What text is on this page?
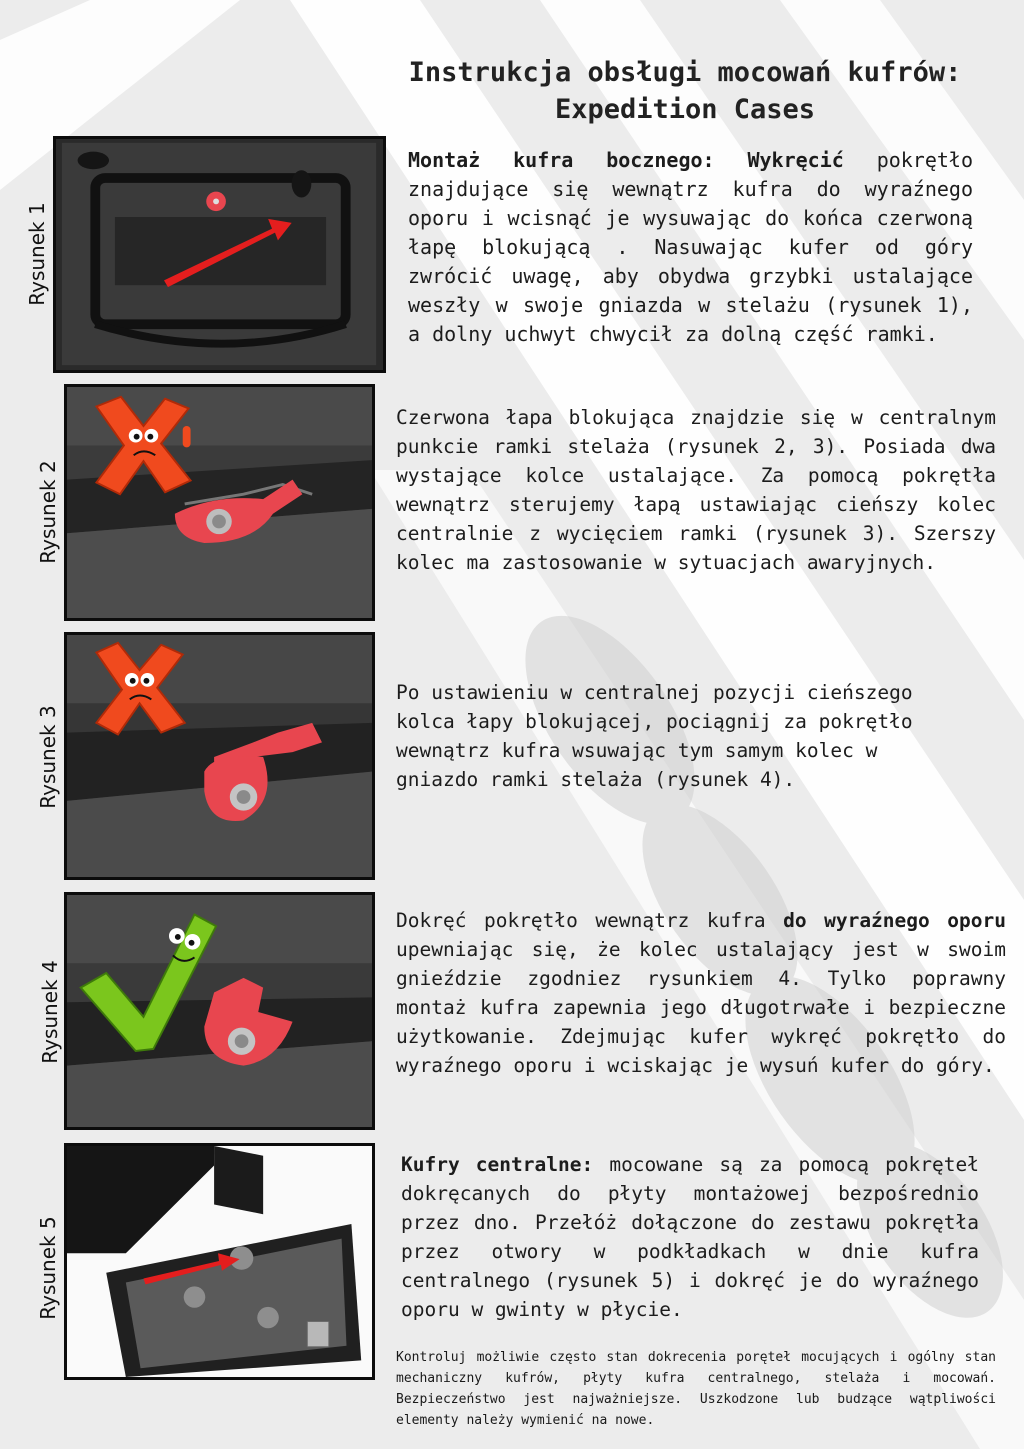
Instrukcja obsługi mocowań kufrów:
Expedition Cases
Rysunek 1
Rysunek 2
Rysunek 3
Rysunek 4
Rysunek 5

Montaż kufra bocznego: Wykręcić pokrętło znajdujące się wewnątrz kufra do wyraźnego oporu i wcisnąć je wysuwając do końca czerwoną łapę blokującą . Nasuwając kufer od góry zwrócić uwagę, aby obydwa grzybki ustalające weszły w swoje gniazda w stelażu (rysunek 1), a dolny uchwyt chwycił za dolną część ramki.

Czerwona łapa blokująca znajdzie się w centralnym punkcie ramki stelaża (rysunek 2, 3). Posiada dwa wystające kolce ustalające. Za pomocą pokrętła wewnątrz sterujemy łapą ustawiając cieńszy kolec centralnie z wycięciem ramki (rysunek 3). Szerszy kolec ma zastosowanie w sytuacjach awaryjnych.

Po ustawieniu w centralnej pozycji cieńszego kolca łapy blokującej, pociągnij za pokrętło wewnątrz kufra wsuwając tym samym kolec w gniazdo ramki stelaża (rysunek 4).

Dokręć pokrętło wewnątrz kufra do wyraźnego oporu upewniając się, że kolec ustalający jest w swoim gnieździe zgodniez rysunkiem 4. Tylko poprawny montaż kufra zapewnia jego długotrwałe i bezpieczne użytkowanie. Zdejmując kufer wykręć pokrętło do wyraźnego oporu i wciskając je wysuń kufer do góry.

Kufry centralne: mocowane są za pomocą pokręteł dokręcanych do płyty montażowej bezpośrednio przez dno. Przełóż dołączone do zestawu pokrętła przez otwory w podkładkach w dnie kufra centralnego (rysunek 5) i dokręć je do wyraźnego oporu w gwinty w płycie.

Kontroluj możliwie często stan dokrecenia poręteł mocujących i ogólny stan mechaniczny kufrów, płyty kufra centralnego, stelaża i mocowań. Bezpieczeństwo jest najważniejsze. Uszkodzone lub budzące wątpliwości elementy należy wymienić na nowe.
